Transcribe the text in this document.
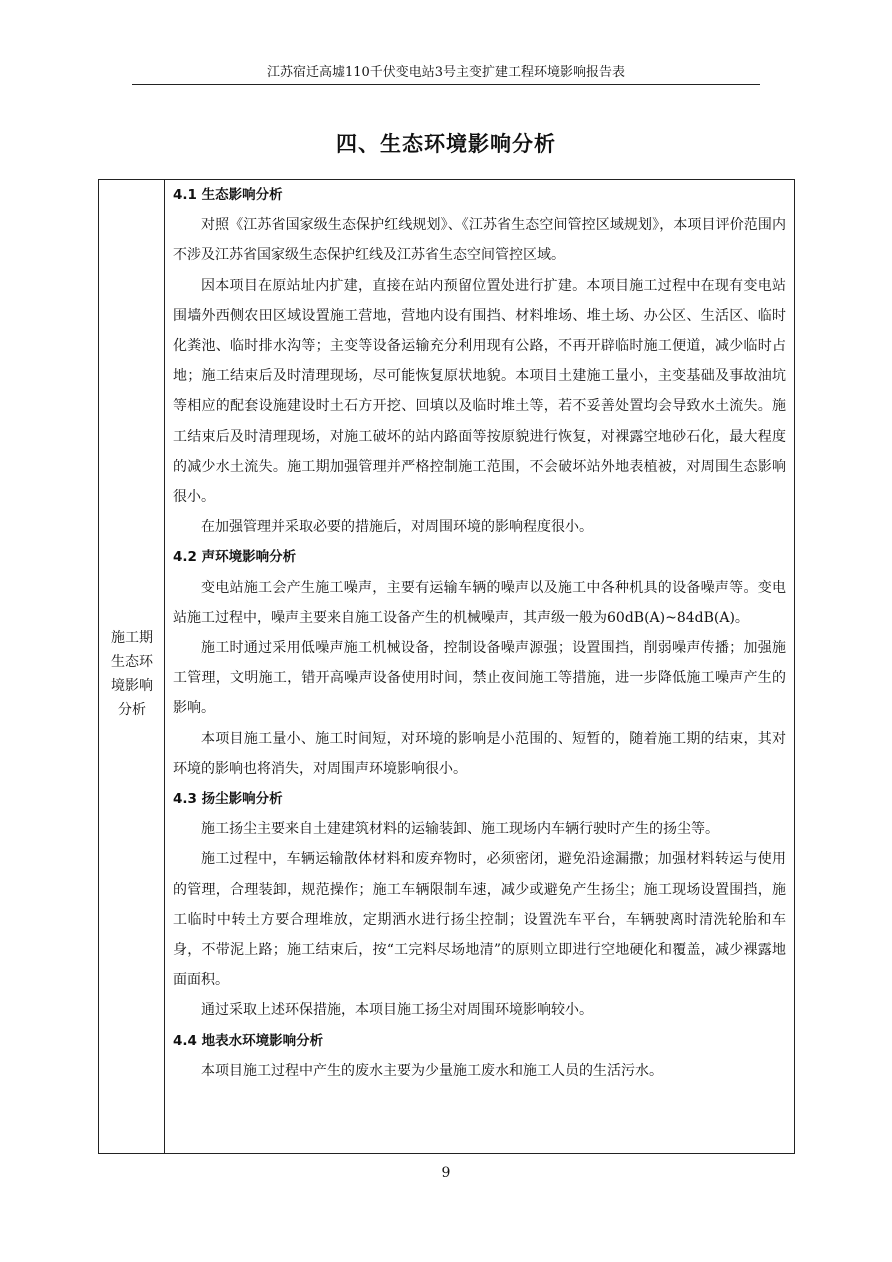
江苏宿迁高墟110千伏变电站3号主变扩建工程环境影响报告表
四、生态环境影响分析
施工期
生态环
境影响
分析

4.1 生态影响分析

对照《江苏省国家级生态保护红线规划》、《江苏省生态空间管控区域规划》，本项目评价范围内不涉及江苏省国家级生态保护红线及江苏省生态空间管控区域。

因本项目在原站址内扩建，直接在站内预留位置处进行扩建。本项目施工过程中在现有变电站围墙外西侧农田区域设置施工营地，营地内设有围挡、材料堆场、堆土场、办公区、生活区、临时化粪池、临时排水沟等；主变等设备运输充分利用现有公路，不再开辟临时施工便道，减少临时占地；施工结束后及时清理现场，尽可能恢复原状地貌。本项目土建施工量小，主变基础及事故油坑等相应的配套设施建设时土石方开挖、回填以及临时堆土等，若不妥善处置均会导致水土流失。施工结束后及时清理现场，对施工破坏的站内路面等按原貌进行恢复，对裸露空地砂石化，最大程度的减少水土流失。施工期加强管理并严格控制施工范围，不会破坏站外地表植被，对周围生态影响很小。

在加强管理并采取必要的措施后，对周围环境的影响程度很小。

4.2 声环境影响分析

变电站施工会产生施工噪声，主要有运输车辆的噪声以及施工中各种机具的设备噪声等。变电站施工过程中，噪声主要来自施工设备产生的机械噪声，其声级一般为60dB(A)~84dB(A)。

施工时通过采用低噪声施工机械设备，控制设备噪声源强；设置围挡，削弱噪声传播；加强施工管理，文明施工，错开高噪声设备使用时间，禁止夜间施工等措施，进一步降低施工噪声产生的影响。

本项目施工量小、施工时间短，对环境的影响是小范围的、短暂的，随着施工期的结束，其对环境的影响也将消失，对周围声环境影响很小。

4.3 扬尘影响分析

施工扬尘主要来自土建建筑材料的运输装卸、施工现场内车辆行驶时产生的扬尘等。

施工过程中，车辆运输散体材料和废弃物时，必须密闭，避免沿途漏撒；加强材料转运与使用的管理，合理装卸，规范操作；施工车辆限制车速，减少或避免产生扬尘；施工现场设置围挡，施工临时中转土方要合理堆放，定期洒水进行扬尘控制；设置洗车平台，车辆驶离时清洗轮胎和车身，不带泥上路；施工结束后，按“工完料尽场地清”的原则立即进行空地硬化和覆盖，减少裸露地面面积。

通过采取上述环保措施，本项目施工扬尘对周围环境影响较小。

4.4 地表水环境影响分析

本项目施工过程中产生的废水主要为少量施工废水和施工人员的生活污水。

9
